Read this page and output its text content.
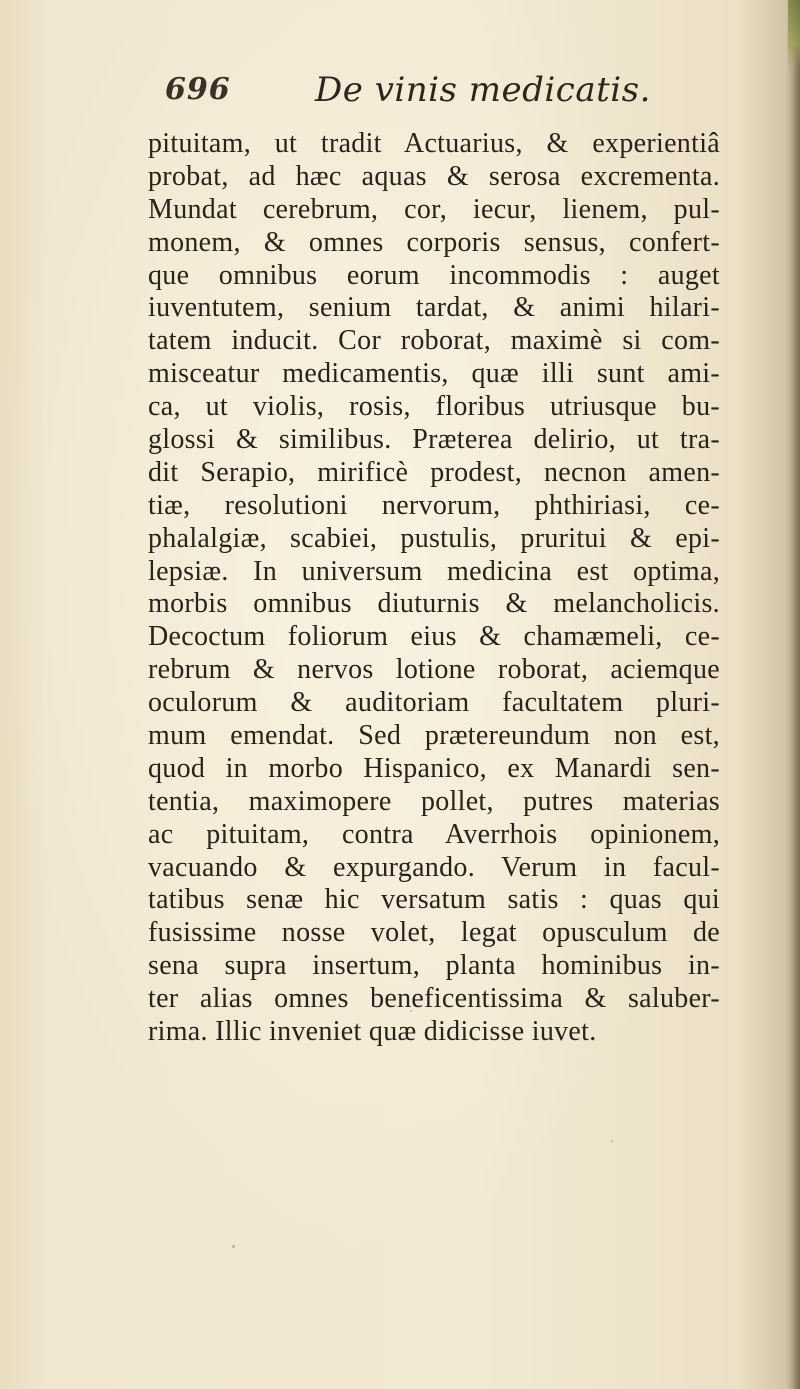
696 De vinis medicatis.
pituitam, ut tradit Actuarius, & experientiâ
probat, ad hæc aquas & serosa excrementa.
Mundat cerebrum, cor, iecur, lienem, pul-
monem, & omnes corporis sensus, confert-
que omnibus eorum incommodis : auget
iuventutem, senium tardat, & animi hilari-
tatem inducit. Cor roborat, maximè si com-
misceatur medicamentis, quæ illi sunt ami-
ca, ut violis, rosis, floribus utriusque bu-
glossi & similibus. Præterea delirio, ut tra-
dit Serapio, mirificè prodest, necnon amen-
tiæ, resolutioni nervorum, phthiriasi, ce-
phalalgiæ, scabiei, pustulis, pruritui & epi-
lepsiæ. In universum medicina est optima,
morbis omnibus diuturnis & melancholicis.
Decoctum foliorum eius & chamæmeli, ce-
rebrum & nervos lotione roborat, aciemque
oculorum & auditoriam facultatem pluri-
mum emendat. Sed prætereundum non est,
quod in morbo Hispanico, ex Manardi sen-
tentia, maximopere pollet, putres materias
ac pituitam, contra Averrhois opinionem,
vacuando & expurgando. Verum in facul-
tatibus senæ hic versatum satis : quas qui
fusissime nosse volet, legat opusculum de
sena supra insertum, planta hominibus in-
ter alias omnes beneficentissima & saluber-
rima. Illic inveniet quæ didicisse iuvet.
